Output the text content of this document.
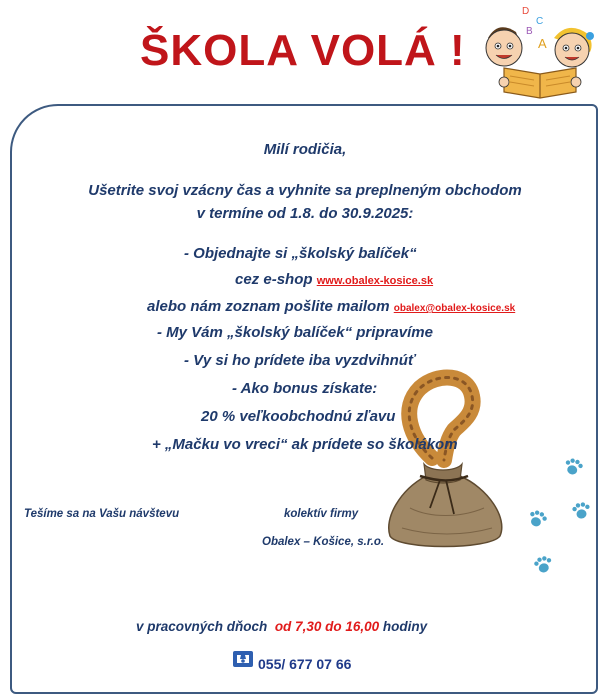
ŠKOLA VOLÁ !
D
C
B
A
Milí rodičia,
Ušetrite svoj vzácny čas a vyhnite sa preplneným obchodom
v termíne od 1.8. do 30.9.2025:
- Objednajte si „školský balíček“
cez e-shop www.obalex-kosice.sk
alebo nám zoznam pošlite mailom obalex@obalex-kosice.sk
- My Vám „školský balíček“ pripravíme
- Vy si ho prídete iba vyzdvihnúť
- Ako bonus získate:
20 % veľkoobchodnú zľavu
+ „Mačku vo vreci“ ak prídete so školákom
Tešíme sa na Vašu návštevu	kolektív firmy
Obalex – Košice, s.r.o.
v pracovných dňoch od 7,30 do 16,00 hodiny
055/ 677 07 66
